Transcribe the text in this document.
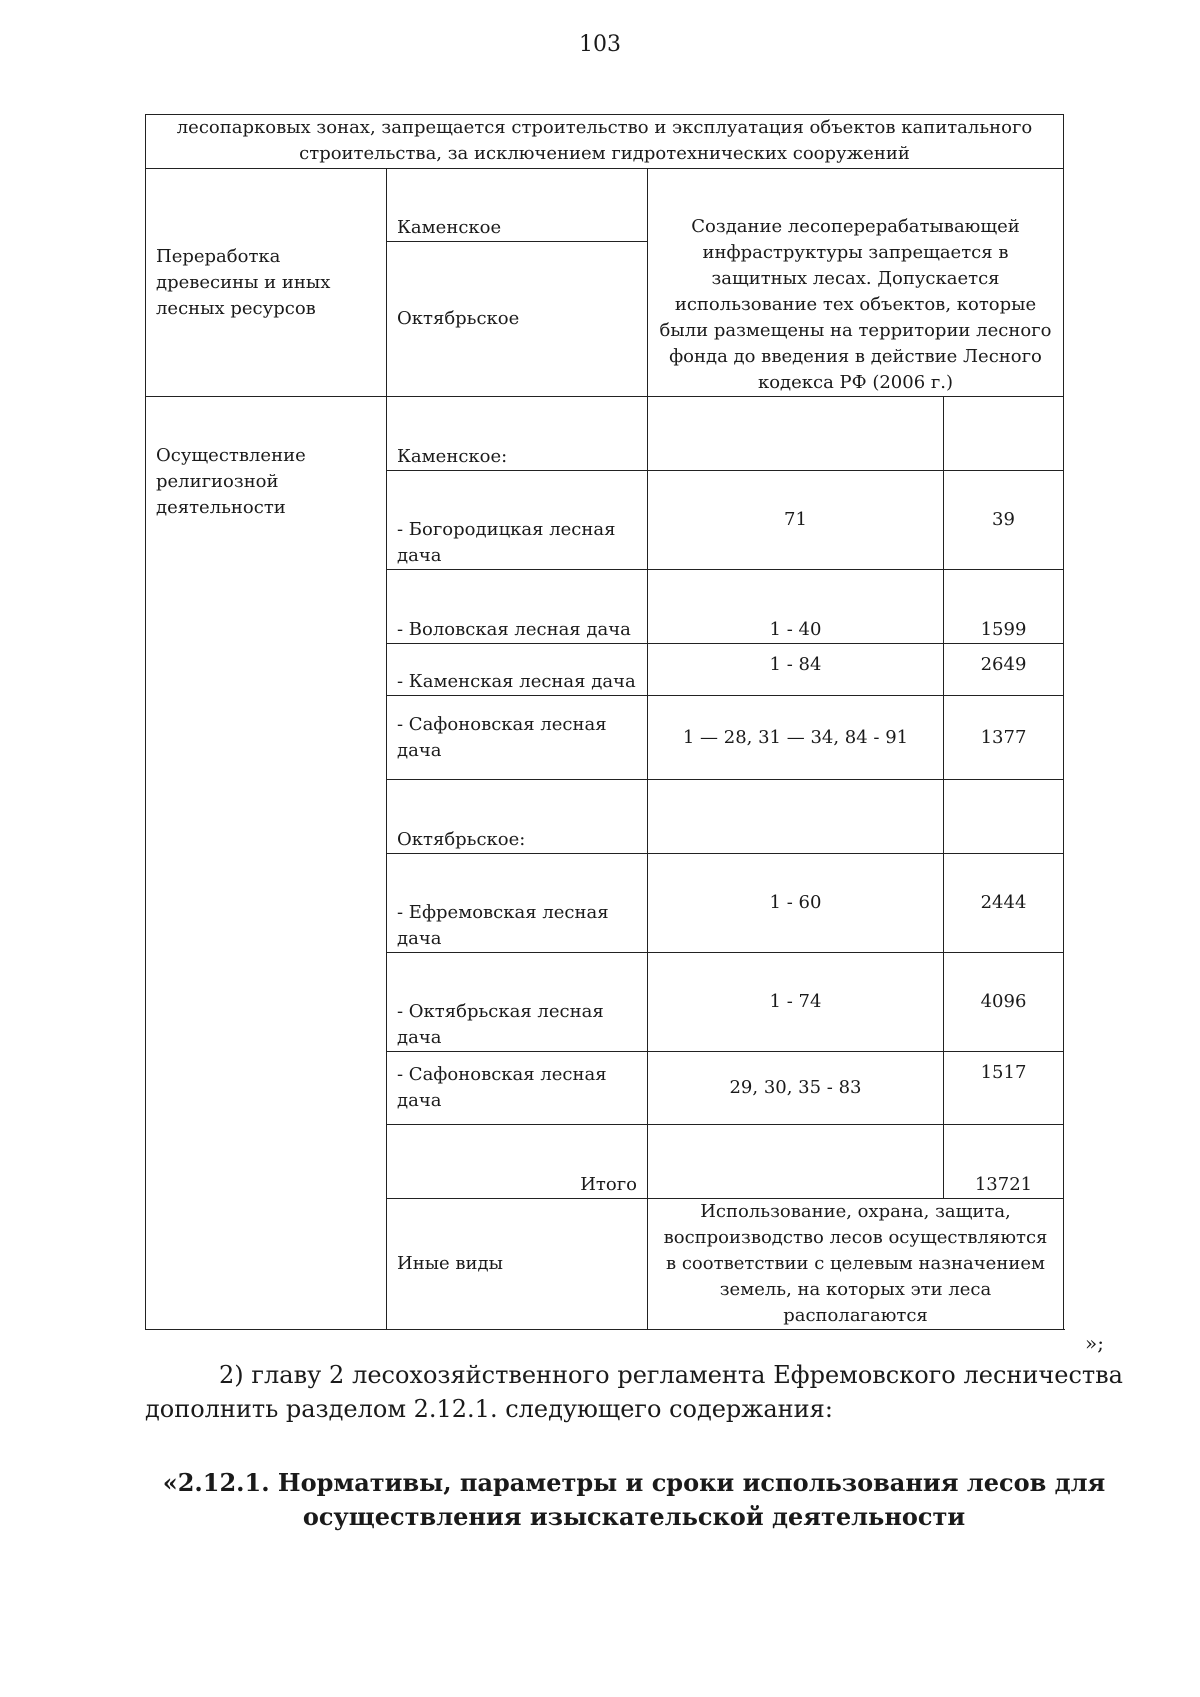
103
лесопарковых зонах, запрещается строительство и эксплуатация объектов капитального строительства, за исключением гидротехнических сооружений			
Переработка древесины и иных лесных ресурсов	Каменское	Создание лесоперерабатывающей инфраструктуры запрещается в защитных лесах. Допускается использование тех объектов, которые были размещены на территории лесного фонда до введения в действие Лесного кодекса РФ (2006 г.)	
	Октябрьское		
Осуществление религиозной деятельности	Каменское:		
	- Богородицкая лесная дача	71	39
	- Воловская лесная дача	1 - 40	1599
	- Каменская лесная дача	1 - 84	2649
	- Сафоновская лесная дача	1 — 28, 31 — 34, 84 - 91	1377
	Октябрьское:		
	- Ефремовская лесная дача	1 - 60	2444
	- Октябрьская лесная дача	1 - 74	4096
	- Сафоновская лесная дача	29, 30, 35 - 83	1517
	Итого		13721
	Иные виды	Использование, охрана, защита, воспроизводство лесов осуществляются в соответствии с целевым назначением земель, на которых эти леса располагаются	
»;
2) главу 2 лесохозяйственного регламента Ефремовского лесничества дополнить разделом 2.12.1. следующего содержания:
«2.12.1. Нормативы, параметры и сроки использования лесов для осуществления изыскательской деятельности
